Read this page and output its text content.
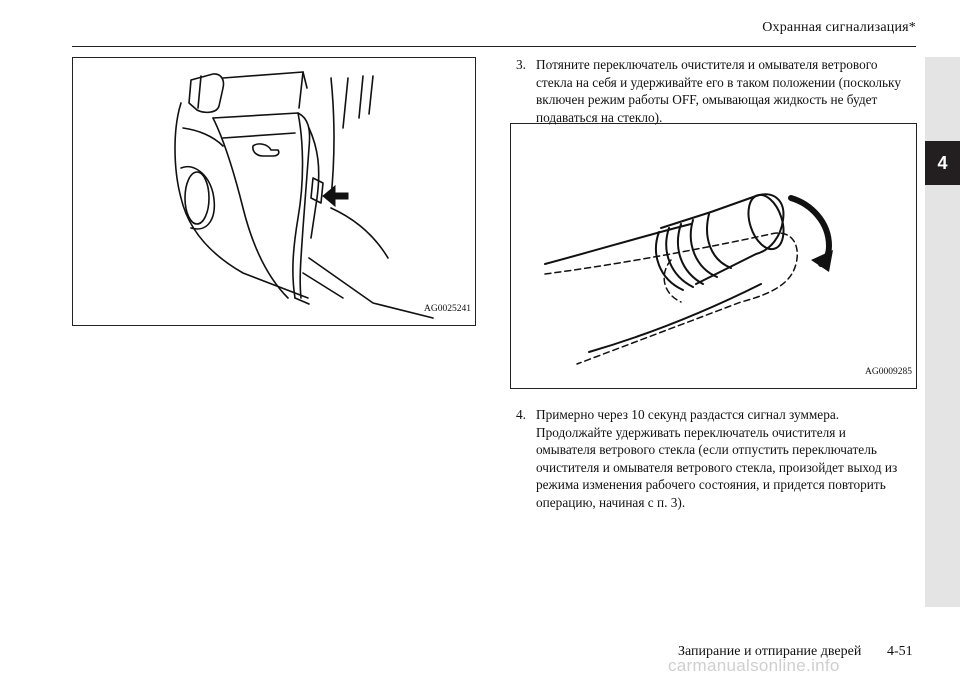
Охранная сигнализация*
4
AG0025241
AG0009285
3. Потяните переключатель очистителя и омывателя ветрового стекла на себя и удерживайте его в таком положении (поскольку включен режим работы OFF, омывающая жидкость не будет подаваться на стекло).
4. Примерно через 10 секунд раздастся сигнал зуммера. Продолжайте удерживать переключатель очистителя и омывателя ветрового стекла (если отпустить переключатель очистителя и омывателя ветрового стекла, произойдет выход из режима изменения рабочего состояния, и придется повторить операцию, начиная с п. 3).
Запирание и отпирание дверей 4-51
carmanualsonline.info
